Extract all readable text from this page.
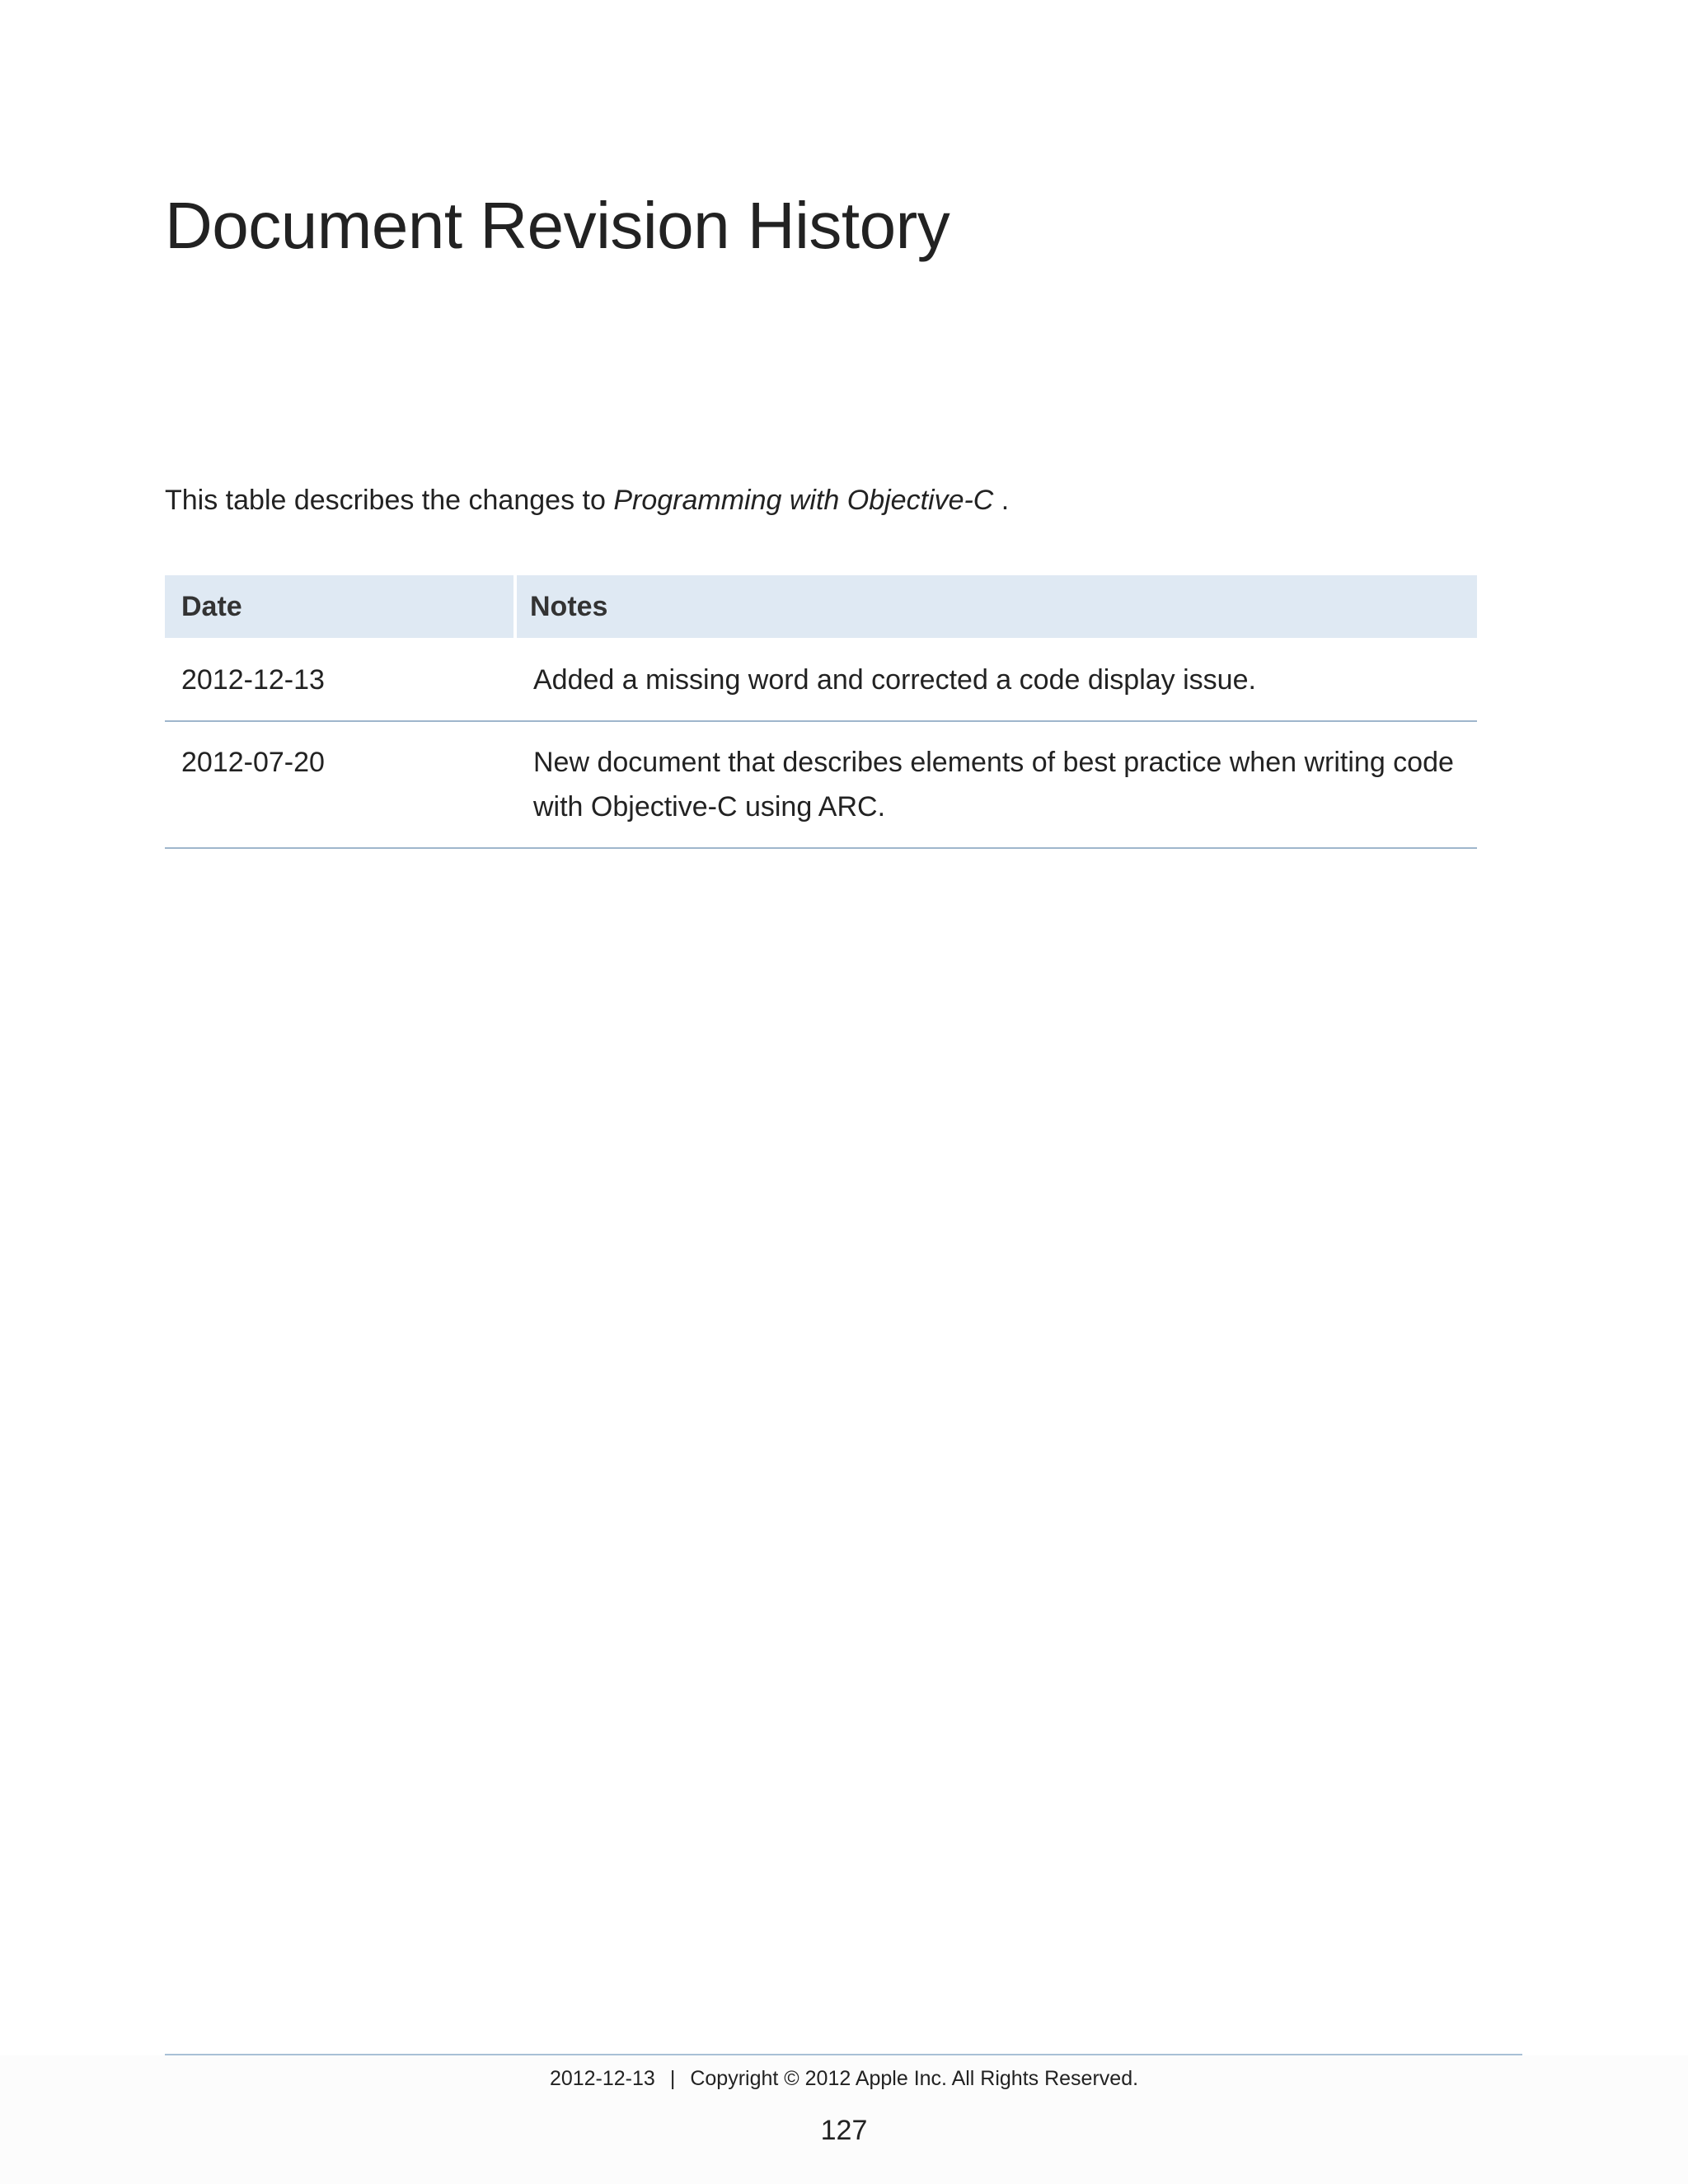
Document Revision History

This table describes the changes to Programming with Objective-C .

Date	Notes
2012-12-13	Added a missing word and corrected a code display issue.
2012-07-20	New document that describes elements of best practice when writing code with Objective-C using ARC.
2012-12-13 | Copyright © 2012 Apple Inc. All Rights Reserved.
127
